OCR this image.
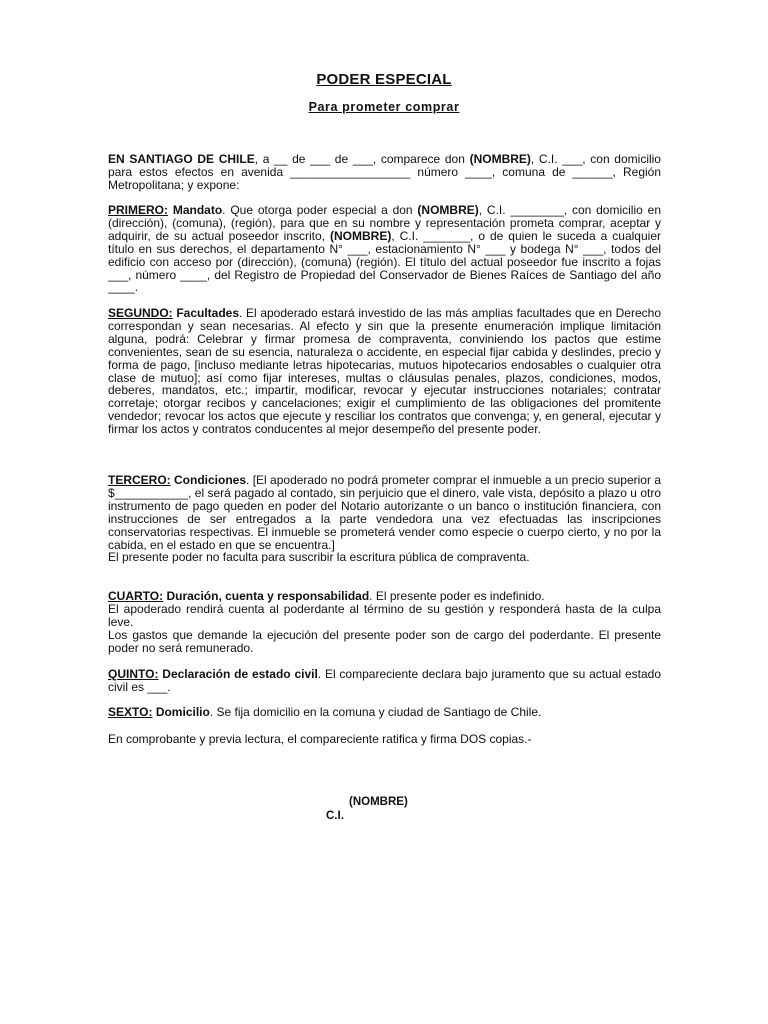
PODER ESPECIAL
Para prometer comprar

EN SANTIAGO DE CHILE, a __ de ___ de ___, comparece don (NOMBRE), C.I. ___, con domicilio para estos efectos en avenida __________________ número ____, comuna de ______, Región Metropolitana; y expone:

PRIMERO: Mandato. Que otorga poder especial a don (NOMBRE), C.I. ________, con domicilio en (dirección), (comuna), (región), para que en su nombre y representación prometa comprar, aceptar y adquirir, de su actual poseedor inscrito, (NOMBRE), C.I. _______, o de quien le suceda a cualquier título en sus derechos, el departamento N° ___, estacionamiento N° ___ y bodega N° ___, todos del edificio con acceso por (dirección), (comuna) (región). El título del actual poseedor fue inscrito a fojas ___, número ____, del Registro de Propiedad del Conservador de Bienes Raíces de Santiago del año ____.

SEGUNDO: Facultades. El apoderado estará investido de las más amplias facultades que en Derecho correspondan y sean necesarias. Al efecto y sin que la presente enumeración implique limitación alguna, podrá: Celebrar y firmar promesa de compraventa, conviniendo los pactos que estime convenientes, sean de su esencia, naturaleza o accidente, en especial fijar cabida y deslindes, precio y forma de pago, [incluso mediante letras hipotecarias, mutuos hipotecarios endosables o cualquier otra clase de mutuo]; así como fijar intereses, multas o cláusulas penales, plazos, condiciones, modos, deberes, mandatos, etc.; impartir, modificar, revocar y ejecutar instrucciones notariales; contratar corretaje; otorgar recibos y cancelaciones; exigir el cumplimiento de las obligaciones del promitente vendedor; revocar los actos que ejecute y resciliar los contratos que convenga; y, en general, ejecutar y firmar los actos y contratos conducentes al mejor desempeño del presente poder.

TERCERO: Condiciones. [El apoderado no podrá prometer comprar el inmueble a un precio superior a $___________, el será pagado al contado, sin perjuicio que el dinero, vale vista, depósito a plazo u otro instrumento de pago queden en poder del Notario autorizante o un banco o institución financiera, con instrucciones de ser entregados a la parte vendedora una vez efectuadas las inscripciones conservatorias respectivas. El inmueble se prometerá vender como especie o cuerpo cierto, y no por la cabida, en el estado en que se encuentra.]

El presente poder no faculta para suscribir la escritura pública de compraventa.

CUARTO: Duración, cuenta y responsabilidad. El presente poder es indefinido.

El apoderado rendirá cuenta al poderdante al término de su gestión y responderá hasta de la culpa leve.

Los gastos que demande la ejecución del presente poder son de cargo del poderdante. El presente poder no será remunerado.

QUINTO: Declaración de estado civil. El compareciente declara bajo juramento que su actual estado civil es ___.

SEXTO: Domicilio. Se fija domicilio en la comuna y ciudad de Santiago de Chile.

En comprobante y previa lectura, el compareciente ratifica y firma DOS copias.-

(NOMBRE)
C.I.
